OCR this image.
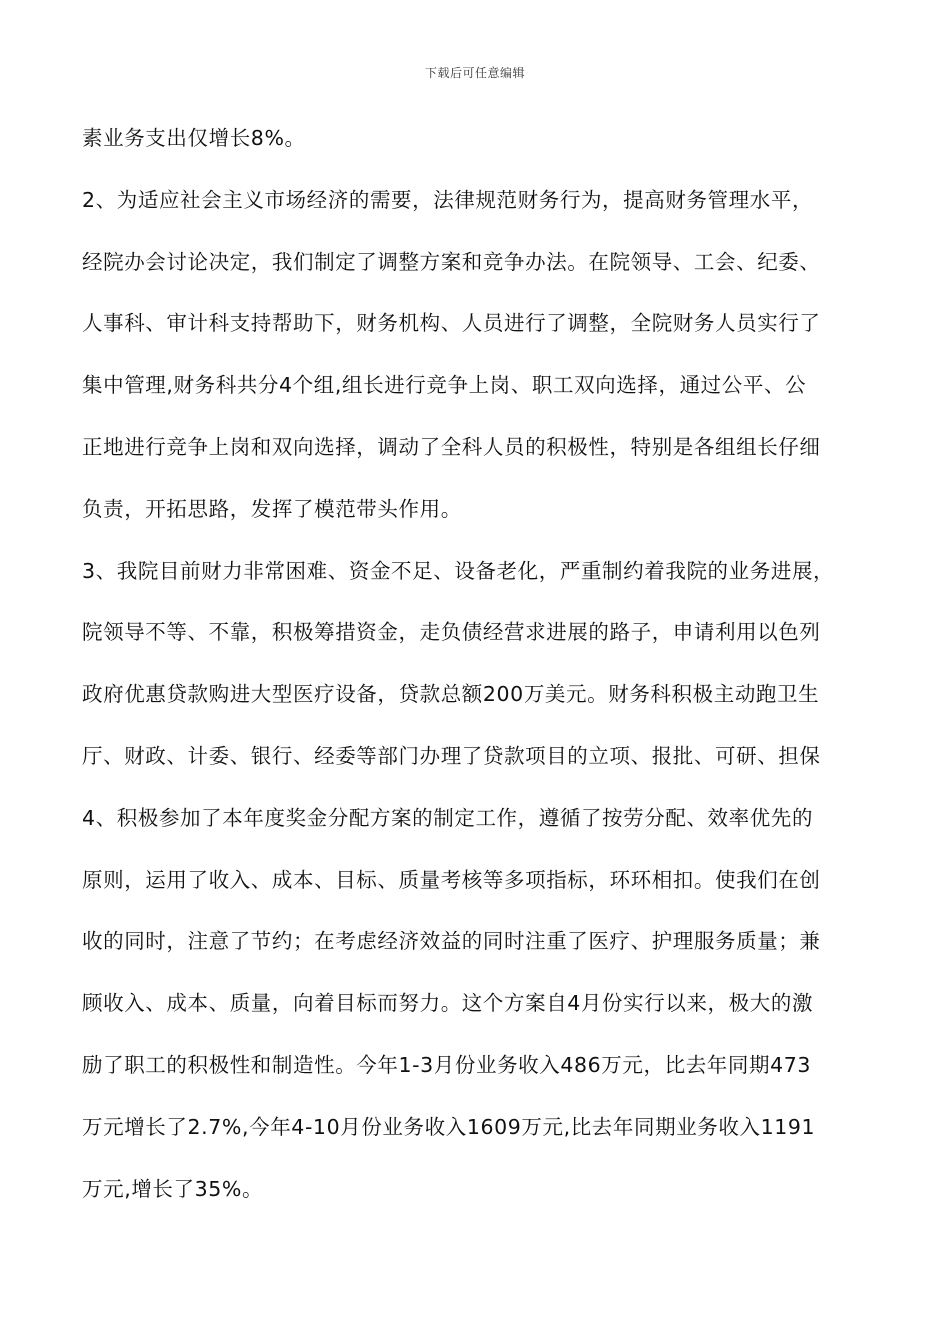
下载后可任意编辑
素业务支出仅增长8%。
2、为适应社会主义市场经济的需要，法律规范财务行为，提高财务管理水平，
经院办会讨论决定，我们制定了调整方案和竞争办法。在院领导、工会、纪委、
人事科、审计科支持帮助下，财务机构、人员进行了调整，全院财务人员实行了
集中管理,财务科共分4个组,组长进行竞争上岗、职工双向选择，通过公平、公
正地进行竞争上岗和双向选择，调动了全科人员的积极性，特别是各组组长仔细
负责，开拓思路，发挥了模范带头作用。
3、我院目前财力非常困难、资金不足、设备老化，严重制约着我院的业务进展，
院领导不等、不靠，积极筹措资金，走负债经营求进展的路子，申请利用以色列
政府优惠贷款购进大型医疗设备，贷款总额200万美元。财务科积极主动跑卫生
厅、财政、计委、银行、经委等部门办理了贷款项目的立项、报批、可研、担保
4、积极参加了本年度奖金分配方案的制定工作，遵循了按劳分配、效率优先的
原则，运用了收入、成本、目标、质量考核等多项指标，环环相扣。使我们在创
收的同时，注意了节约；在考虑经济效益的同时注重了医疗、护理服务质量；兼
顾收入、成本、质量，向着目标而努力。这个方案自4月份实行以来，极大的激
励了职工的积极性和制造性。今年1-3月份业务收入486万元，比去年同期473
万元增长了2.7%,今年4-10月份业务收入1609万元,比去年同期业务收入1191
万元,增长了35%。
